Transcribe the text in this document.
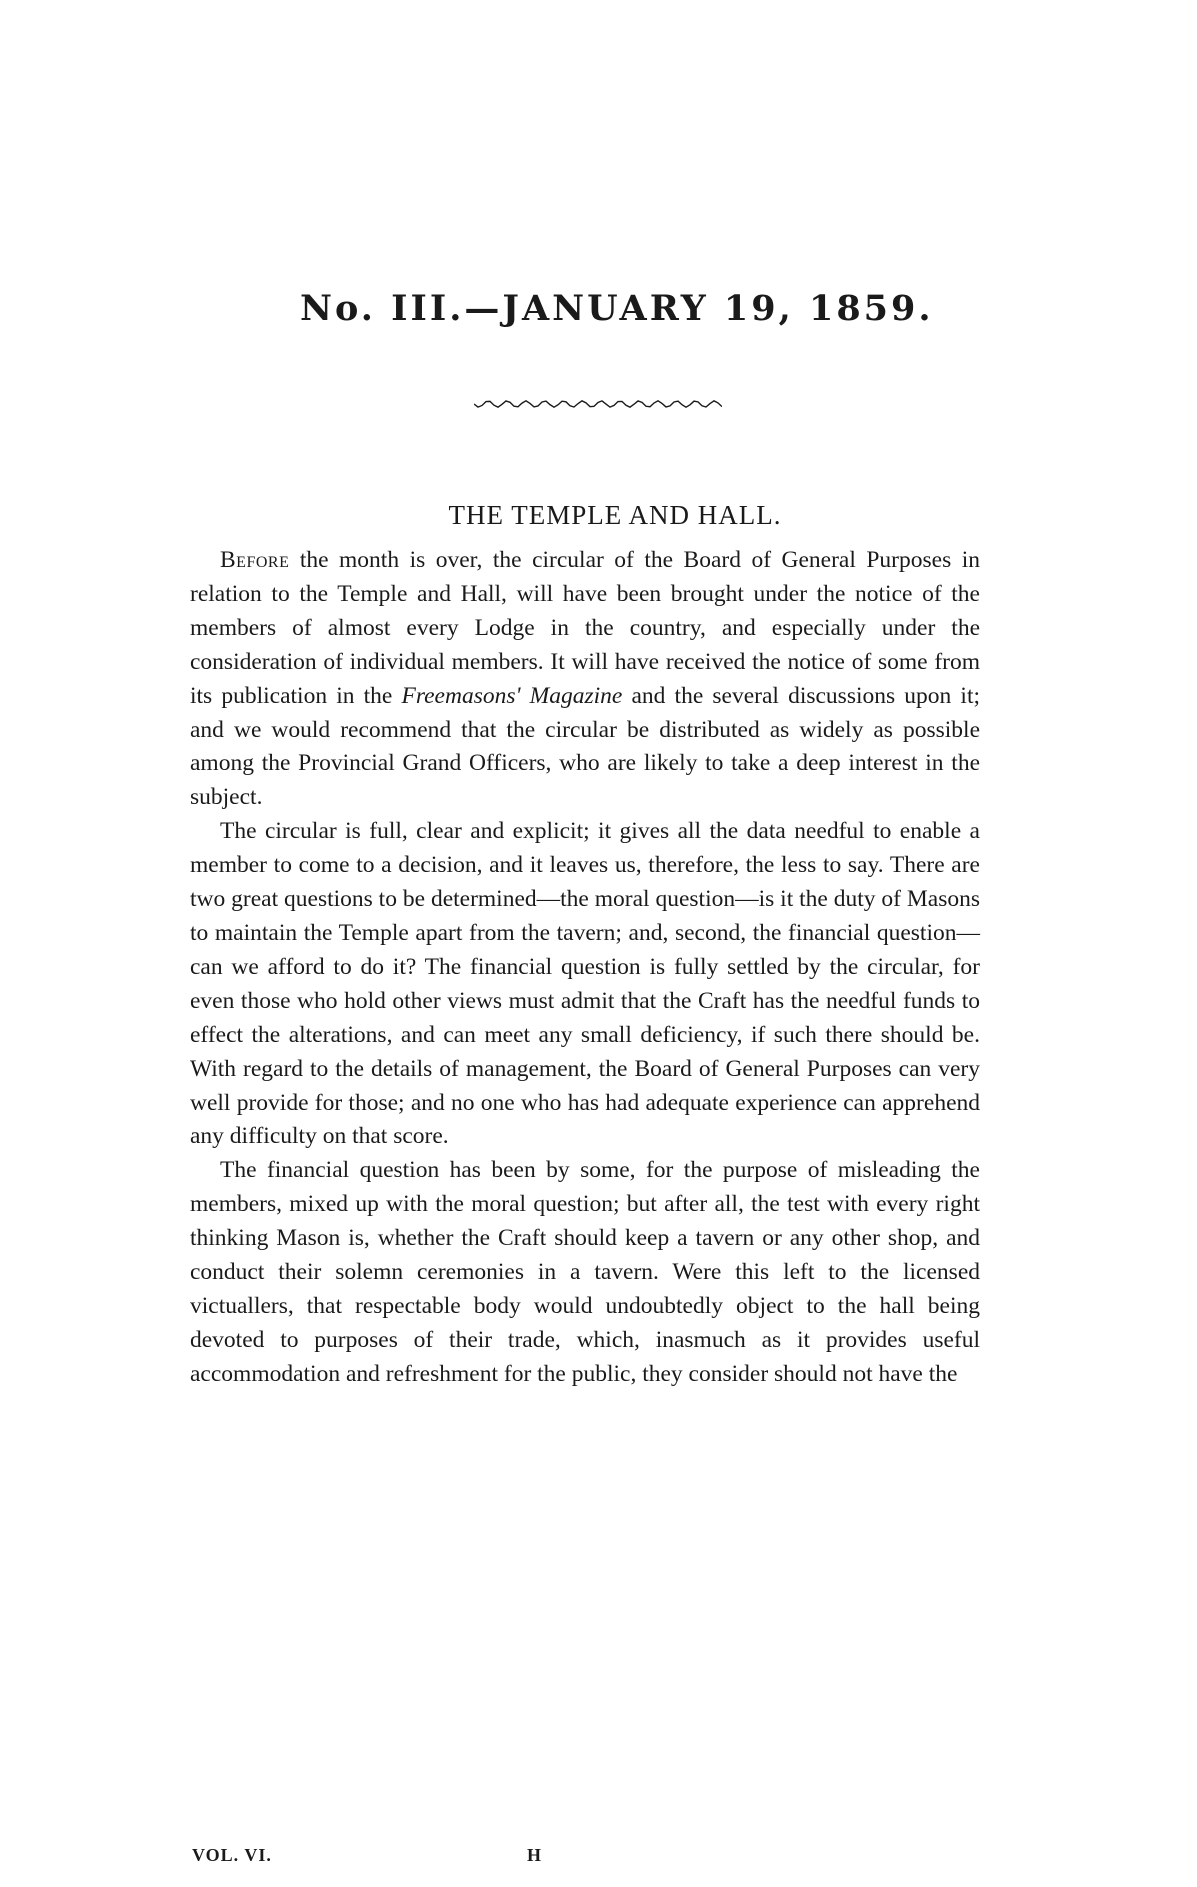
No. III.—JANUARY 19, 1859.
THE TEMPLE AND HALL.

Before the month is over, the circular of the Board of General Purposes in relation to the Temple and Hall, will have been brought under the notice of the members of almost every Lodge in the country, and especially under the consideration of individual members. It will have received the notice of some from its publication in the Freemasons' Magazine and the several discussions upon it; and we would recommend that the circular be distributed as widely as possible among the Provincial Grand Officers, who are likely to take a deep interest in the subject.

The circular is full, clear and explicit; it gives all the data needful to enable a member to come to a decision, and it leaves us, therefore, the less to say. There are two great questions to be determined—the moral question—is it the duty of Masons to maintain the Temple apart from the tavern; and, second, the financial question—can we afford to do it? The financial question is fully settled by the circular, for even those who hold other views must admit that the Craft has the needful funds to effect the alterations, and can meet any small deficiency, if such there should be. With regard to the details of management, the Board of General Purposes can very well provide for those; and no one who has had adequate experience can apprehend any difficulty on that score.

The financial question has been by some, for the purpose of misleading the members, mixed up with the moral question; but after all, the test with every right thinking Mason is, whether the Craft should keep a tavern or any other shop, and conduct their solemn ceremonies in a tavern. Were this left to the licensed victuallers, that respectable body would undoubtedly object to the hall being devoted to purposes of their trade, which, inasmuch as it provides useful accommodation and refreshment for the public, they consider should not have the

VOL. VI.	H
